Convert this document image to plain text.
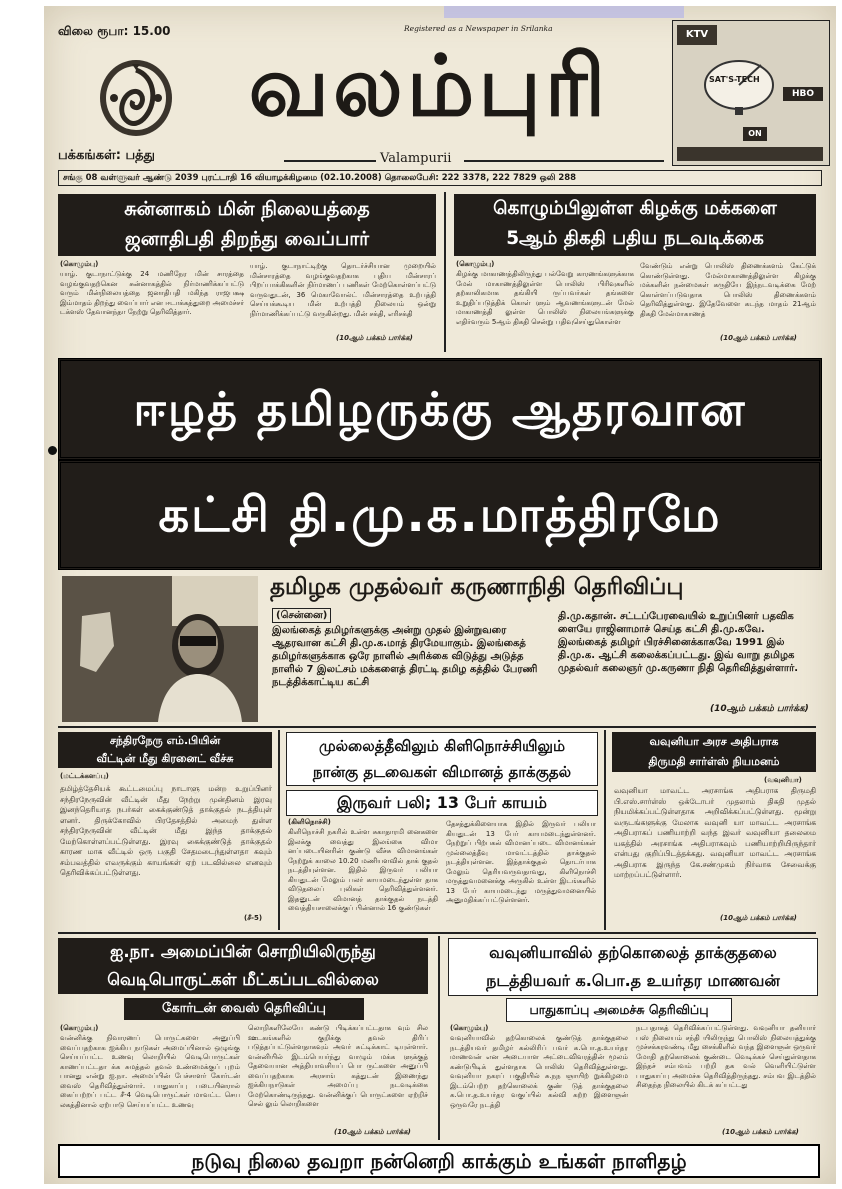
விலை ரூபா: 15.00	Registered as a Newspaper in Srilanka
வலம்புரி
KTV
HBO
ON
SAT'S-TECH
பக்கங்கள்: பத்து	Valampurii
சங்கு 08 வள்ளுவர் ஆண்டு 2039 புரட்டாதி 16 வியாழக்கிழமை (02.10.2008) தொலைபேசி: 222 3378, 222 7829 ஒலி 288
சுன்னாகம் மின் நிலையத்தை
ஜனாதிபதி திறந்து வைப்பார்
(கொழும்பு)
யாழ். குடாநாட்டுக்கு 24 மணிநேர மின் சாரத்தை வழங்குவதற்கென சுன்னாகத்தில் நிர்மாணிக்கப்பட்டு வரும் மின்நிலையத்தை ஜனாதிபதி மகிந்த ராஜபக்ஷ இம்மாதம் திறந்து வைப்பார் என ஈடாக்கத்துறை அமைச்சர் டக்ளஸ் தேவானந்தா நேற்று தெரிவித்தார்.
யாழ். குடாநாட்டிற்கு தொடர்ச்சியான முறையில் மின்சாரத்தை வழங்குவதற்காக புதிய மின்சாரப் பிறப்பாக்கிகளின் நிர்மாணப் பணிகள் மேற்கொள்ளப்பட்டு வருவதுடன், 36 மெகாவோல்ட் மின்சாரத்தை உற்பத்தி செய்யக்கூடிய மின் உற்பத்தி நிலையம் ஒன்று நிர்மாணிக்கப்பட்டு வருகின்றது. மின் சக்தி, எரிசக்தி
(10ஆம் பக்கம் பார்க்க)
கொழும்பிலுள்ள கிழக்கு மக்களை
5ஆம் திகதி பதிய நடவடிக்கை
(கொழும்பு)
கிழக்கு மாகாணத்திலிருந்து பல்வேறு காரணங்களுக்காக மேல் மாகாணத்திலுள்ள பொலிஸ் பிரிவுகளில் தற்காலிகமாக தங்கியி ருப்பவர்கள் தங்களை உறுதிப்படுத்திக் கொள் ளும் ஆவணங்களுடன் மேல் மாகாணத்தி லுள்ள பொலிஸ் நிலையங்களுக்கு எதிர்வரும் 5ஆம் திகதி சென்று பதிவுசெய்துகொள்ள
வேண்டும் என்று பொலிஸ் திணைக்களம் கேட்டுக் கொண்டுள்ளது. மேல்மாகாணத்திலுள்ள கிழக்கு மக்களின் நன்மைகள் கருதியே இந்நடவடிக்கை மேற் கொள்ளப்படுவதாக பொலிஸ் திணைக்களம் தெரிவித்துள்ளது. இதேவேளை கடந்த மாதம் 21ஆம் திகதி மேல்மாகாணத்
(10ஆம் பக்கம் பார்க்க)
ஈழத் தமிழருக்கு ஆதரவான
கட்சி தி.மு.க.மாத்திரமே
தமிழக முதல்வர் கருணாநிதி தெரிவிப்பு
(சென்னை)
இலங்கைத் தமிழர்களுக்கு அன்று முதல் இன்றுவரை ஆதரவான கட்சி தி.மு.க.மாத் திரமேயாகும். இலங்கைத் தமிழர்களுக்காக ஒரே நாளில் அரிக்கை விடுத்து அடுத்த நாளில் 7 இலட்சம் மக்களைத் திரட்டி தமிழ கத்தில் பேரணி நடத்திக்காட்டிய கட்சி
தி.மு.கதான். சட்டப்பேரவையில் உறுப்பினர் பதவிக ளையே ராஜினாமாச் செய்த கட்சி தி.மு.கவே. இலங்கைத் தமிழர் பிரச்சினைக்காகவே 1991 இல் தி.மு.க. ஆட்சி கலைக்கப்பட்டது. இவ் வாறு தமிழக முதல்வர் கலைஞர் மு.கருணா நிதி தெரிவித்துள்ளார்.
(10ஆம் பக்கம் பார்க்க)
சந்திரநேரு எம்.பியின்
வீட்டின் மீது கிரனைட் வீச்சு
(மட்டக்களப்பு)
தமிழ்த்தேசியக் கூட்டமைப்பு நாடாளு மன்ற உறுப்பினர் சந்திரநேருவின் வீட்டின் மீது நேற்று முன்தினம் இரவு இனந்தெரியாத நபர்கள் கைக்குண்டுத் தாக்குதல் நடத்தியுள் ளனர். திருக்கோவில் பிரதேசத்தில் அமைந் துள்ள சந்திரநேருவின் வீட்டின் மீது இந்த தாக்குதல் மேற்கொள்ளப்பட்டுள்ளது. இரவு கைக்குண்டுத் தாக்குதல் காரண மாக வீட்டில் ஒரு பகுதி சேதமடைந்துள்ளதா கவும் சம்பவத்தில் எவருக்கும் காயங்கள் ஏற் படவில்லை எனவும் தெரிவிக்கப்பட்டுள்ளது.
(சீ-5)
முல்லைத்தீவிலும் கிளிநொச்சியிலும்
நான்கு தடவைகள் விமானத் தாக்குதல்
இருவர் பலி; 13 பேர் காயம்
(கிளிநொச்சி)
கிளிநொச்சி நகரில் உள்ள சுகாதாரமி னைகளை இலக்கு வைத்து இலங்கை விமா னப்படையினரின் குண்டு வீச்சு விமானங்கள் நேற்றுக் காலை 10.20 மணியளவில் தாக் குதல் நடத்தியுள்ளன. இதில் இருவர் பலியா கியதுடன் மேலும் பலர் காயமடைந்துள்ள தாக விடுதலைப் புலிகள் தெரிவித்துள்ளனர். இதனுடன் விமானத் தாக்குதல் நடத்தி வைத்தியசாலைக்குப் பின்னால் 16 குண்டுகள்
தேசத்துக்கிளையாக இதில் இருவர் பலியா கியதுடன் 13 பேர் காயமடைந்துள்ளனர். நேற்றுப் பிற்பகல் விமானப்படை விமானங்கள் முல்லைத்தீவு மாவட்டத்தில் தாக்குதல் நடத்தியுள்ளன. இத்தாக்குதல் தொடர்பாக மேலும் தெரியவருவதாவது, கிளிநொச்சி மருத்துவமனைக்கு அருகில் உள்ள இடங்களில் 13 பேர் காயமடைந்து மருத்துவமனையில் அனுமதிக்கப்பட்டுள்ளனர்.
வவுனியா அரச அதிபராக
திருமதி சார்ள்ஸ் நியமனம்
(வவுனியா)
வவுனியா மாவட்ட அரசாங்க அதிபராக திருமதி பி.எஸ்.சார்ள்ஸ் ஒக்டோபர் முதலாம் திகதி முதல் நியமிக்கப்பட்டுள்ளதாக அறிவிக்கப்பட்டுள்ளது. மூன்று வருடங்களுக்கு மேலாக வவுனி யா மாவட்ட அரசாங்க அதிபராகப் பணியாற்றி வந்த இவர் வவுனியா தலைமை யகத்தில் அரசாங்க அதிபராகவும் பணியாற்றியிருந்தார் என்பது குறிப்பிடத்தக்கது. வவுனியா மாவட்ட அரசாங்க அதிபராக இருந்த கே.சண்முகம் நிர்வாக சேவைக்கு மாற்றப்பட்டுள்ளார்.
(10ஆம் பக்கம் பார்க்க)
ஐ.நா. அமைப்பின் சொறியிலிருந்து
வெடிபொருட்கள் மீட்கப்படவில்லை
கோர்டன் வைஸ் தெரிவிப்பு
(கொழும்பு)
வன்னிக்கு நிவாரணப் பொருட்களை அனுப்பி வைப்பதற்காக ஐக்கிய நாடுகள் அமைப்பினால் ஒழுங்கு செய்யப்பட்ட உணவு லொறியில் வெடிபொருட்கள் காணப்பட்டதா க்க சுமத்தல் தவல் உண்மைக்குப் புறம் பானது என்று ஐ.நா. அமைப்பின் பேச்சாளர் கோர்டன் வைஸ் தெரிவித்துள்ளார். பாதுகாப்பு படையினரால் கைப்பற்றப் பட்ட சீ-4 வெடிபொருட்கள் மாவட்ட செய லகத்தினால் ஏற்பாடு செய்யப்பட்ட உணவு
லொறிகளிலேயே கண்டு பிடிக்கப்பட்டதாக வும் சில ஊடகங்களில் குறிக்கு தவல் திரிப் படுத்தப்பட்டுள்ளதாகவும் அவர் சுட்டிக்காட் டியுள்ளார். வன்னியில் இடம்பெயர்ந்து வாழும் மக்க ளுக்குத் தேவையான அத்தியாவசியப் பொ ருட்களை அனுப்பி வைப்பதற்காக அரசாங் கத்துடன் இணைந்து ஐக்கியநாடுகள் அமைப்பு நடவடிக்கை மேற்கொண்டிருந்தது. வன்னிக்குப் பொருட்களை ஏற்றிச் செல் லும் லொறிகளை
(10ஆம் பக்கம் பார்க்க)
வவுனியாவில் தற்கொலைத் தாக்குதலை
நடத்தியவர் க.பொ.த உயர்தர மாணவன்
பாதுகாப்பு அமைச்சு தெரிவிப்பு
(கொழும்பு)
வவுனியாவில் தற்கொலைக் குண்டுத் தாக்குதலை நடத்தியவர் தமிழர் கல்லிரிப் பவர் க.பொ.த.உயர்தர மாணவன் என அடையாள அட்டைவிவரத்தின் மூலம் கண்டுபிடிக் துள்ளதாக பொலிஸ் தெரிவித்துள்ளது. வவுனியா நகரப் பகுதியில் சு.நந ஞாயிற் றுக்கிழமை இடம்பெற்ற தற்கொலைக் குண் டுத் தாக்குதலை க.பொ.த.உயர்தர வகுப்பில் கல்வி கற்ற இளைஞன் ஒருவரே நடத்தி
நடபதாகத் தெரிவிக்கப்பட்டுள்ளது. வவுனியா தனியார் பஸ் நிலையம் சந்தி யிலிருந்து பொலிஸ் நிலையத்துக்கு முச்சக்கரவண்டி மீது சைக்கிளில் வந்த இளைஞன் ஒருவர் மோதி தற்கொலைக் குண்டை வெடிக்கச் செய்துள்ளதாக இந்தச் சம்பவம் பற்றி தக வல் வெளியிட்டுள்ள பாதுகாப்பு அமைச்சு தெரிவித்திருந்தது. சம்பவ இடத்தில் சிதைந்த நிலையில் கிடக் கப்பட்டது
(10ஆம் பக்கம் பார்க்க)
நடுவு நிலை தவறா நன்னெறி காக்கும் உங்கள் நாளிதழ்
